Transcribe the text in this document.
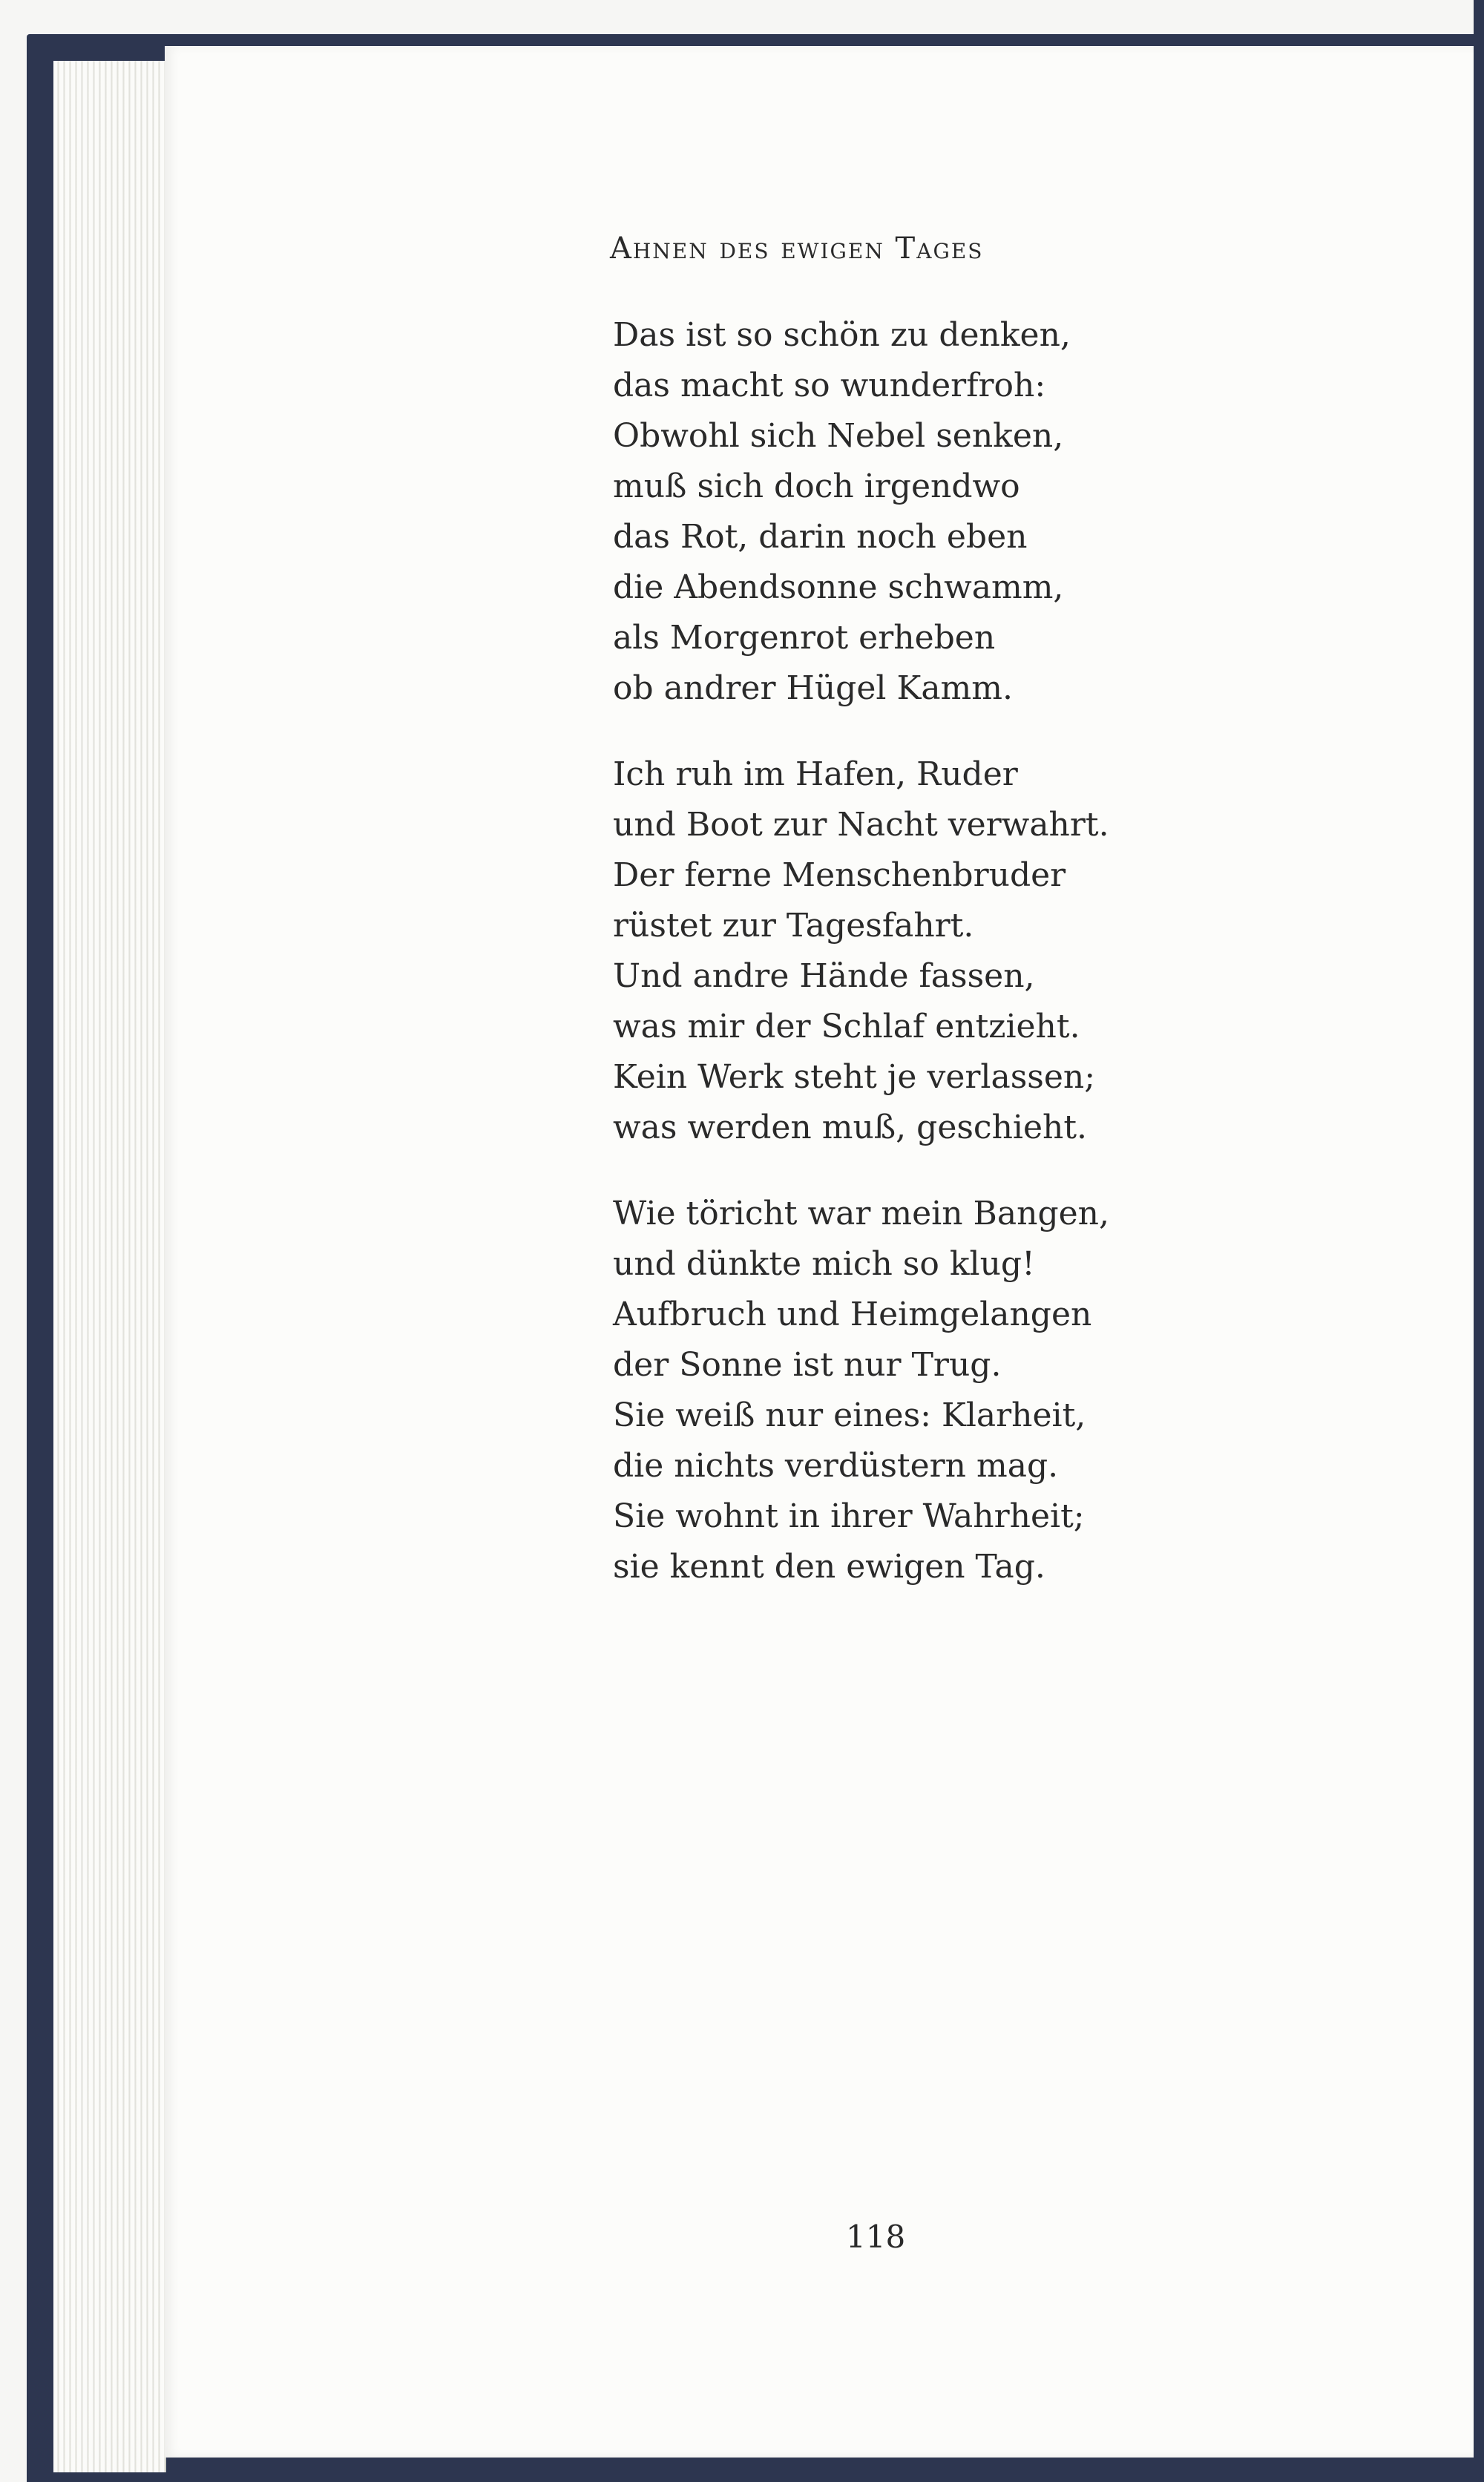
Ahnen des ewigen Tages
Das ist so schön zu denken,
das macht so wunderfroh:
Obwohl sich Nebel senken,
muß sich doch irgendwo
das Rot, darin noch eben
die Abendsonne schwamm,
als Morgenrot erheben
ob andrer Hügel Kamm.
Ich ruh im Hafen, Ruder
und Boot zur Nacht verwahrt.
Der ferne Menschenbruder
rüstet zur Tagesfahrt.
Und andre Hände fassen,
was mir der Schlaf entzieht.
Kein Werk steht je verlassen;
was werden muß, geschieht.
Wie töricht war mein Bangen,
und dünkte mich so klug!
Aufbruch und Heimgelangen
der Sonne ist nur Trug.
Sie weiß nur eines: Klarheit,
die nichts verdüstern mag.
Sie wohnt in ihrer Wahrheit;
sie kennt den ewigen Tag.
118
